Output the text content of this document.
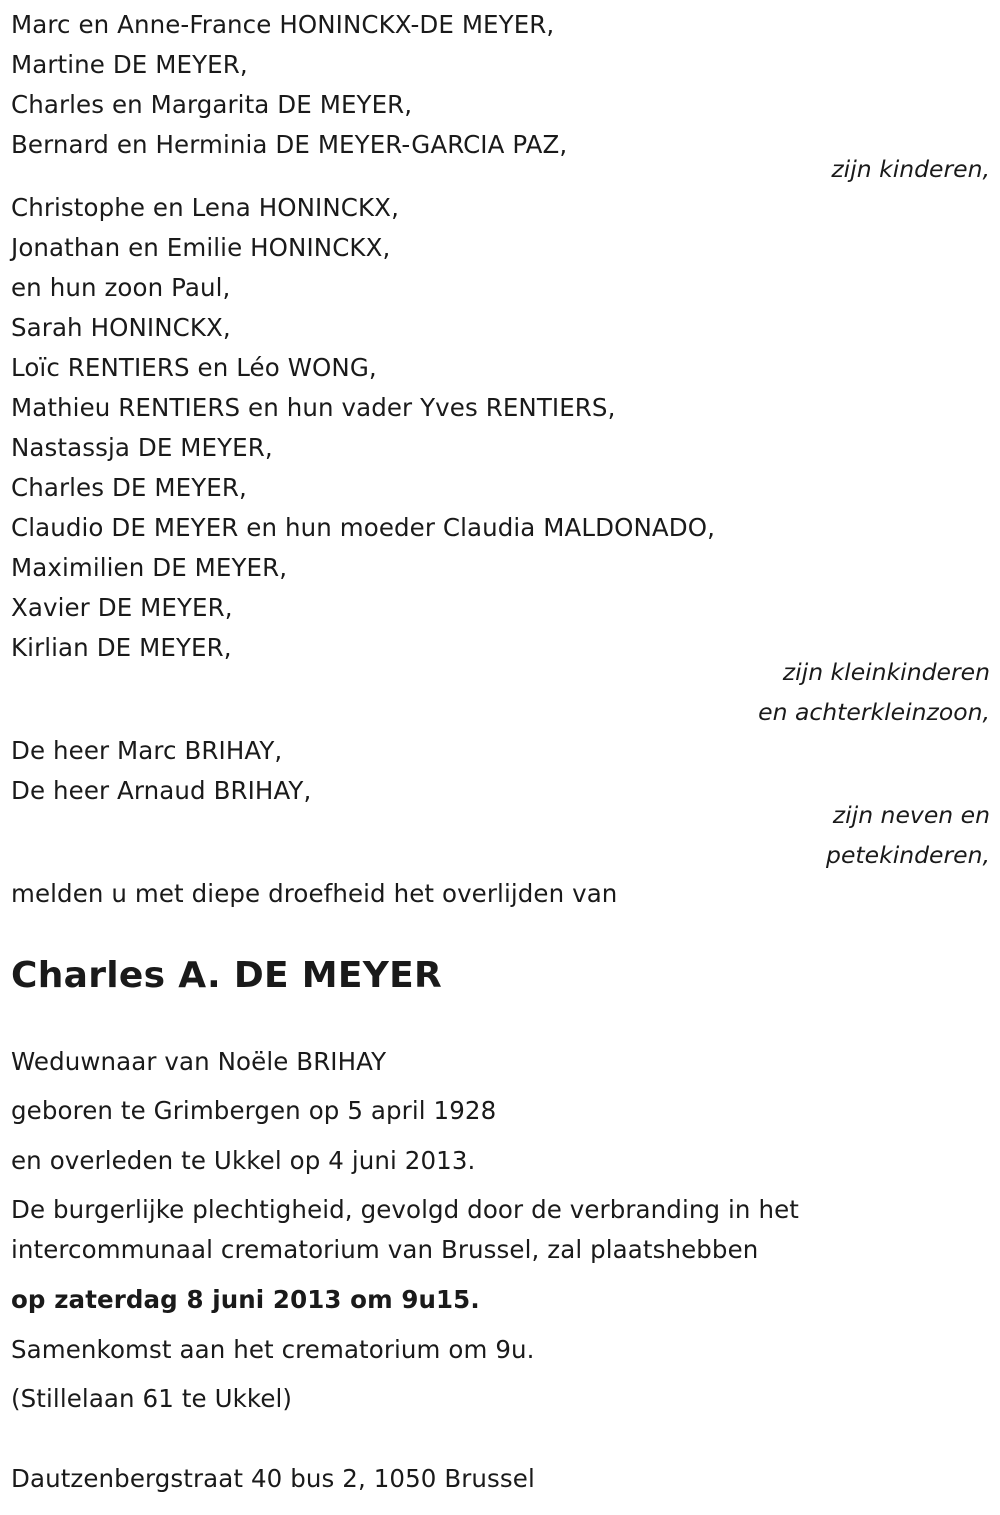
Marc en Anne-France HONINCKX-DE MEYER,
Martine DE MEYER,
Charles en Margarita DE MEYER,
Bernard en Herminia DE MEYER-GARCIA PAZ,
zijn kinderen,
Christophe en Lena HONINCKX,
Jonathan en Emilie HONINCKX,
en hun zoon Paul,
Sarah HONINCKX,
Loïc RENTIERS en Léo WONG,
Mathieu RENTIERS en hun vader Yves RENTIERS,
Nastassja DE MEYER,
Charles DE MEYER,
Claudio DE MEYER en hun moeder Claudia MALDONADO,
Maximilien DE MEYER,
Xavier DE MEYER,
Kirlian DE MEYER,
zijn kleinkinderen
en achterkleinzoon,
De heer Marc BRIHAY,
De heer Arnaud BRIHAY,
zijn neven en
petekinderen,
melden u met diepe droefheid het overlijden van
Charles A. DE MEYER
Weduwnaar van Noële BRIHAY
geboren te Grimbergen op 5 april 1928
en overleden te Ukkel op 4 juni 2013.
De burgerlijke plechtigheid, gevolgd door de verbranding in het
intercommunaal crematorium van Brussel, zal plaatshebben
op zaterdag 8 juni 2013 om 9u15.
Samenkomst aan het crematorium om 9u.
(Stillelaan 61 te Ukkel)
Dautzenbergstraat 40 bus 2, 1050 Brussel
